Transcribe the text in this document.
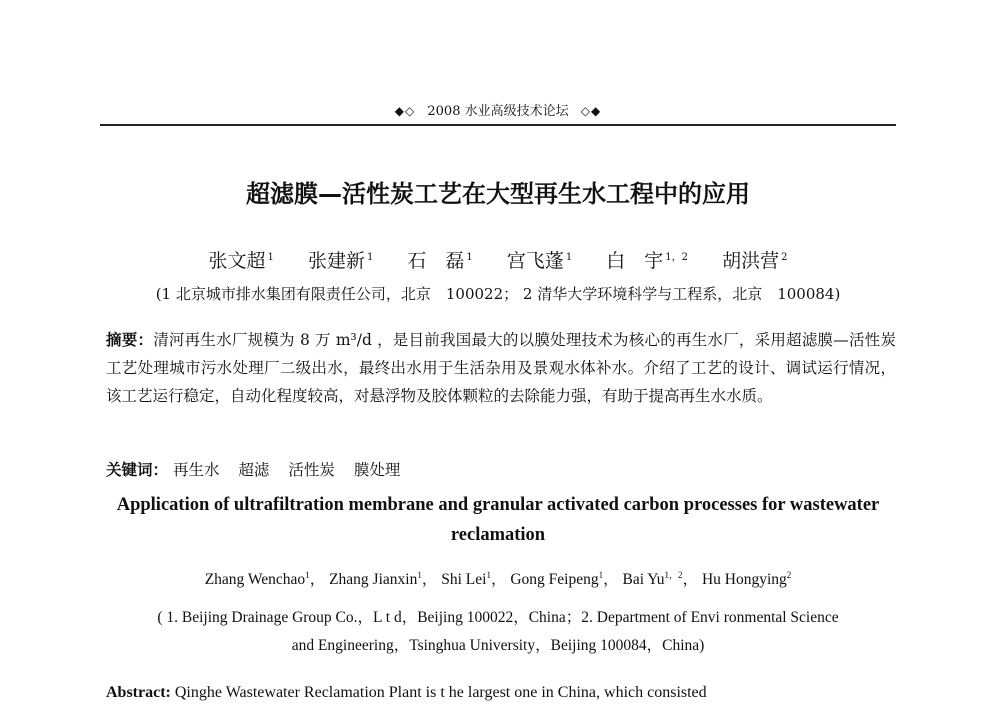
◆◇ 2008 水业高级技术论坛 ◇◆
超滤膜—活性炭工艺在大型再生水工程中的应用
张文超 $^1$ 张建新 $^1$ 石　磊 $^1$ 宫飞蓬 $^1$ 白　宇 $^{1,2}$ 胡洪营 $^2$
(1 北京城市排水集团有限责任公司，北京　100022； 2 清华大学环境科学与工程系，北京　100084)
摘要：清河再生水厂规模为 8 万 m³/d ，是目前我国最大的以膜处理技术为核心的再生水厂，采用超滤膜—活性炭工艺处理城市污水处理厂二级出水，最终出水用于生活杂用及景观水体补水。介绍了工艺的设计、调试运行情况，该工艺运行稳定，自动化程度较高，对悬浮物及胶体颗粒的去除能力强，有助于提高再生水水质。
关键词： 再生水 超滤 活性炭 膜处理
Application of ultrafiltration membrane and granular activated carbon processes for wastewater reclamation
Zhang Wenchao$^1$， Zhang Jianxin$^1$， Shi Lei$^1$， Gong Feipeng$^1$， Bai $Yu^{1,2}$， Hu Hongying$^2$
( 1. Beijing Drainage Group Co.，L t d，Beijing 100022，China；2. Department of Envi ronmental Science
and Engineering，Tsinghua University，Beijing 100084，China)
Abstract: Qinghe Wastewater Reclamation Plant is t he largest one in China, which consisted
